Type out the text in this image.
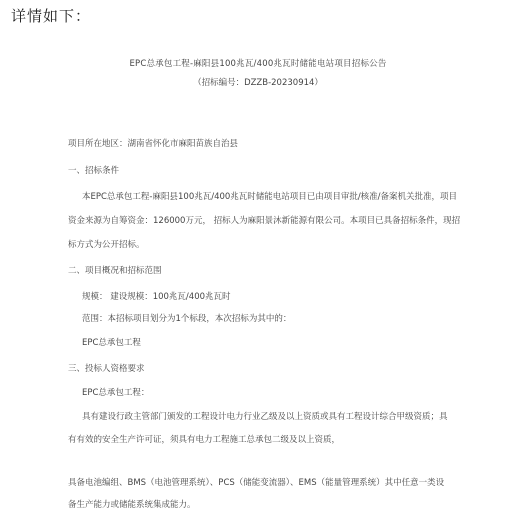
详情如下：
EPC总承包工程-麻阳县100兆瓦/400兆瓦时储能电站项目招标公告
（招标编号：DZZB-20230914）
项目所在地区：湖南省怀化市麻阳苗族自治县
一、招标条件
本EPC总承包工程-麻阳县100兆瓦/400兆瓦时储能电站项目已由项目审批/核准/备案机关批准，项目
资金来源为自筹资金：126000万元， 招标人为麻阳景沐新能源有限公司。本项目已具备招标条件，现招
标方式为公开招标。
二、项目概况和招标范围
规模： 建设规模：100兆瓦/400兆瓦时
范围：本招标项目划分为1个标段，本次招标为其中的：
EPC总承包工程
三、投标人资格要求
EPC总承包工程：
具有建设行政主管部门颁发的工程设计电力行业乙级及以上资质或具有工程设计综合甲级资质；具
有有效的安全生产许可证，须具有电力工程施工总承包二级及以上资质，
具备电池编组、BMS（电池管理系统）、PCS（储能变流器）、EMS（能量管理系统）其中任意一类设
备生产能力或储能系统集成能力。
